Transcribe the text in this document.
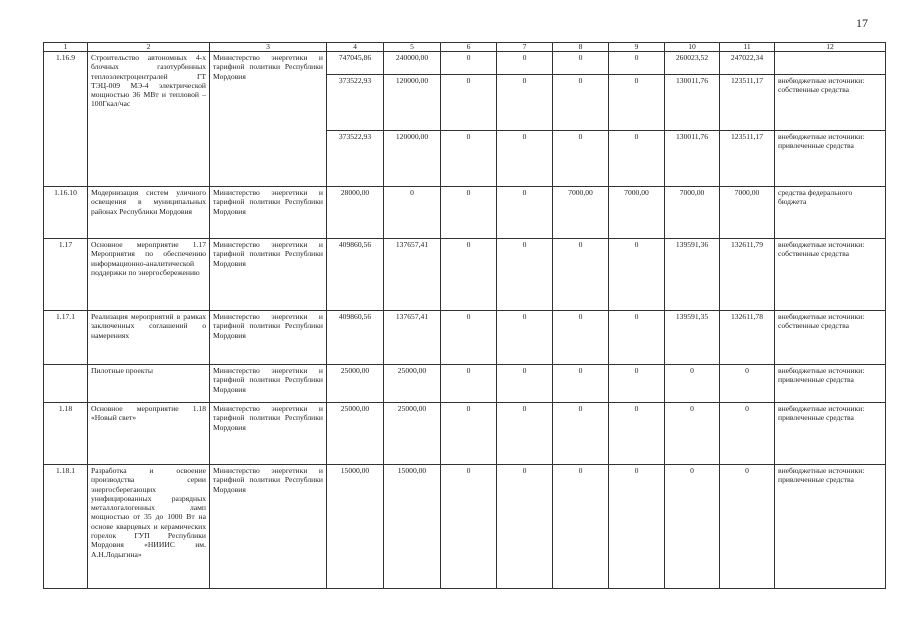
17
1	2	3	4	5	6	7	8	9	10	11	12
1.16.9	Строительство автономных 4-х блочных газотурбинных теплоэлектроцентралей ГТ ТЭЦ-009 МЭ-4 электрической мощностью 36 МВт и тепловой – 100Гкал/час	Министерство энергетики и тарифной политики Республики Мордовия	747045,86	240000,00	0	0	0	0	260023,52	247022,34	
			373522,93	120000,00	0	0	0	0	130011,76	123511,17	внебюджетные источники: собственные средства
			373522,93	120000,00	0	0	0	0	130011,76	123511,17	внебюджетные источники: привлеченные средства
1.16.10	Модернизация систем уличного освещения в муниципальных районах Республики Мордовия	Министерство энергетики и тарифной политики Республики Мордовия	28000,00	0	0	0	7000,00	7000,00	7000,00	7000,00	средства федерального бюджета
1.17	Основное мероприятие 1.17 Мероприятия по обеспечению информационно-аналитической поддержки по энергосбережению	Министерство энергетики и тарифной политики Республики Мордовия	409860,56	137657,41	0	0	0	0	139591,36	132611,79	внебюджетные источники: собственные средства
1.17.1	Реализация мероприятий в рамках заключенных соглашений о намерениях	Министерство энергетики и тарифной политики Республики Мордовия	409860,56	137657,41	0	0	0	0	139591,35	132611,78	внебюджетные источники: собственные средства
	Пилотные проекты	Министерство энергетики и тарифной политики Республики Мордовия	25000,00	25000,00	0	0	0	0	0	0	внебюджетные источники: привлеченные средства
1.18	Основное мероприятие 1.18 «Новый свет»	Министерство энергетики и тарифной политики Республики Мордовия	25000,00	25000,00	0	0	0	0	0	0	внебюджетные источники: привлеченные средства
1.18.1	Разработка и освоение производства серии энергосберегающих унифицированных разрядных металлогалогенных ламп мощностью от 35 до 1000 Вт на основе кварцевых и керамических горелок ГУП Республики Мордовия «НИИИС им. А.Н.Лодыгина»	Министерство энергетики и тарифной политики Республики Мордовия	15000,00	15000,00	0	0	0	0	0	0	внебюджетные источники: привлеченные средства
